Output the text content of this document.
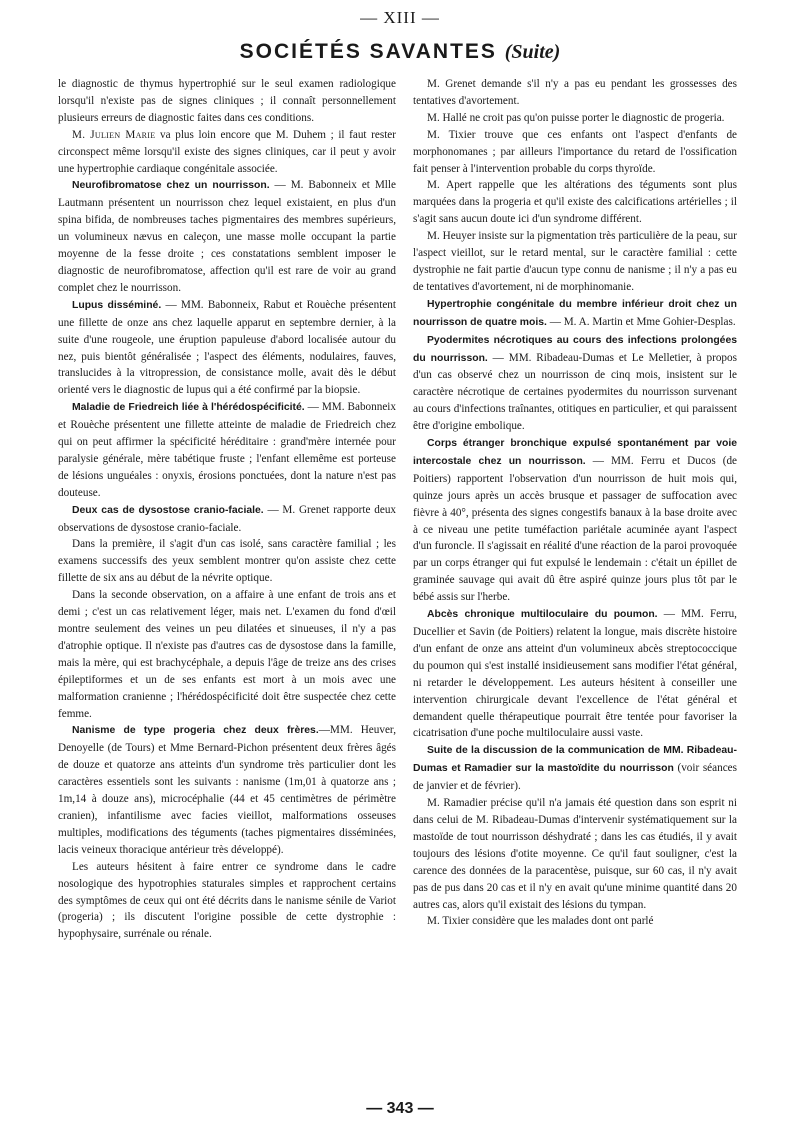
— XIII —
SOCIÉTÉS SAVANTES (Suite)

le diagnostic de thymus hypertrophié sur le seul examen radiologique lorsqu'il n'existe pas de signes cliniques ; il connaît personnellement plusieurs erreurs de diagnostic faites dans ces conditions.

M. Julien Marie va plus loin encore que M. Duhem ; il faut rester circonspect même lorsqu'il existe des signes cliniques, car il peut y avoir une hypertrophie cardiaque congénitale associée.

Neurofibromatose chez un nourrisson. — M. Babonneix et Mlle Lautmann présentent un nourrisson chez lequel existaient, en plus d'un spina bifida, de nombreuses taches pigmentaires des membres supérieurs, un volumineux nævus en caleçon, une masse molle occupant la partie moyenne de la fesse droite ; ces constatations semblent imposer le diagnostic de neurofibromatose, affection qu'il est rare de voir au grand complet chez le nourrisson.

Lupus disséminé. — MM. Babonneix, Rabut et Rouèche présentent une fillette de onze ans chez laquelle apparut en septembre dernier, à la suite d'une rougeole, une éruption papuleuse d'abord localisée autour du nez, puis bientôt généralisée ; l'aspect des éléments, nodulaires, fauves, translucides à la vitropression, de consistance molle, avait dès le début orienté vers le diagnostic de lupus qui a été confirmé par la biopsie.

Maladie de Friedreich liée à l'hérédospécificité. — MM. Babonneix et Rouèche présentent une fillette atteinte de maladie de Friedreich chez qui on peut affirmer la spécificité héréditaire : grand'mère internée pour paralysie générale, mère tabétique fruste ; l'enfant ellemême est porteuse de lésions unguéales : onyxis, érosions ponctuées, dont la nature n'est pas douteuse.

Deux cas de dysostose cranio-faciale. — M. Grenet rapporte deux observations de dysostose cranio-faciale.

Dans la première, il s'agit d'un cas isolé, sans caractère familial ; les examens successifs des yeux semblent montrer qu'on assiste chez cette fillette de six ans au début de la névrite optique.

Dans la seconde observation, on a affaire à une enfant de trois ans et demi ; c'est un cas relativement léger, mais net. L'examen du fond d'œil montre seulement des veines un peu dilatées et sinueuses, il n'y a pas d'atrophie optique. Il n'existe pas d'autres cas de dysostose dans la famille, mais la mère, qui est brachycéphale, a depuis l'âge de treize ans des crises épileptiformes et un de ses enfants est mort à un mois avec une malformation cranienne ; l'hérédospécificité doit être suspectée chez cette femme.

Nanisme de type progeria chez deux frères.—MM. Heuver, Denoyelle (de Tours) et Mme Bernard-Pichon présentent deux frères âgés de douze et quatorze ans atteints d'un syndrome très particulier dont les caractères essentiels sont les suivants : nanisme (1m,01 à quatorze ans ; 1m,14 à douze ans), microcéphalie (44 et 45 centimètres de périmètre cranien), infantilisme avec facies vieillot, malformations osseuses multiples, modifications des téguments (taches pigmentaires disséminées, lacis veineux thoracique antérieur très développé).

Les auteurs hésitent à faire entrer ce syndrome dans le cadre nosologique des hypotrophies staturales simples et rapprochent certains des symptômes de ceux qui ont été décrits dans le nanisme sénile de Variot (progeria) ; ils discutent l'origine possible de cette dystrophie : hypophysaire, surrénale ou rénale.

M. Grenet demande s'il n'y a pas eu pendant les grossesses des tentatives d'avortement.

M. Hallé ne croit pas qu'on puisse porter le diagnostic de progeria.

M. Tixier trouve que ces enfants ont l'aspect d'enfants de morphonomanes ; par ailleurs l'importance du retard de l'ossification fait penser à l'intervention probable du corps thyroïde.

M. Apert rappelle que les altérations des téguments sont plus marquées dans la progeria et qu'il existe des calcifications artérielles ; il s'agit sans aucun doute ici d'un syndrome différent.

M. Heuyer insiste sur la pigmentation très particulière de la peau, sur l'aspect vieillot, sur le retard mental, sur le caractère familial : cette dystrophie ne fait partie d'aucun type connu de nanisme ; il n'y a pas eu de tentatives d'avortement, ni de morphinomanie.

Hypertrophie congénitale du membre inférieur droit chez un nourrisson de quatre mois. — M. A. Martin et Mme Gohier-Desplas.

Pyodermites nécrotiques au cours des infections prolongées du nourrisson. — MM. Ribadeau-Dumas et Le Melletier, à propos d'un cas observé chez un nourrisson de cinq mois, insistent sur le caractère nécrotique de certaines pyodermites du nourrisson survenant au cours d'infections traînantes, otitiques en particulier, et qui paraissent être d'origine embolique.

Corps étranger bronchique expulsé spontanément par voie intercostale chez un nourrisson. — MM. Ferru et Ducos (de Poitiers) rapportent l'observation d'un nourrisson de huit mois qui, quinze jours après un accès brusque et passager de suffocation avec fièvre à 40°, présenta des signes congestifs banaux à la base droite avec à ce niveau une petite tuméfaction pariétale acuminée ayant l'aspect d'un furoncle. Il s'agissait en réalité d'une réaction de la paroi provoquée par un corps étranger qui fut expulsé le lendemain : c'était un épillet de graminée sauvage qui avait dû être aspiré quinze jours plus tôt par le bébé assis sur l'herbe.

Abcès chronique multiloculaire du poumon. — MM. Ferru, Ducellier et Savin (de Poitiers) relatent la longue, mais discrète histoire d'un enfant de onze ans atteint d'un volumineux abcès streptococcique du poumon qui s'est installé insidieusement sans modifier l'état général, ni retarder le développement. Les auteurs hésitent à conseiller une intervention chirurgicale devant l'excellence de l'état général et demandent quelle thérapeutique pourrait être tentée pour favoriser la cicatrisation d'une poche multiloculaire aussi vaste.

Suite de la discussion de la communication de MM. Ribadeau-Dumas et Ramadier sur la mastoïdite du nourrisson (voir séances de janvier et de février).

M. Ramadier précise qu'il n'a jamais été question dans son esprit ni dans celui de M. Ribadeau-Dumas d'intervenir systématiquement sur la mastoïde de tout nourrisson déshydraté ; dans les cas étudiés, il y avait toujours des lésions d'otite moyenne. Ce qu'il faut souligner, c'est la carence des données de la paracentèse, puisque, sur 60 cas, il n'y avait pas de pus dans 20 cas et il n'y en avait qu'une minime quantité dans 20 autres cas, alors qu'il existait des lésions du tympan.

M. Tixier considère que les malades dont ont parlé

— 343 —
